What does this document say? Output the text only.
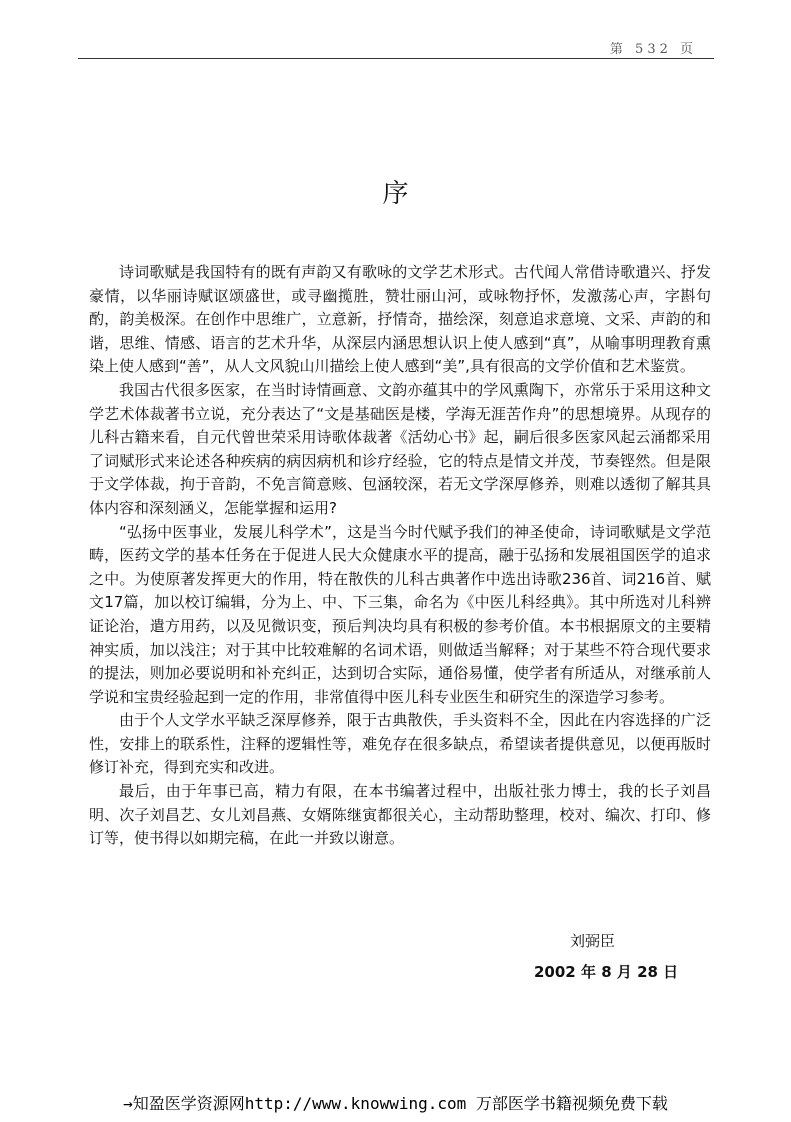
第 532 页
序

诗词歌赋是我国特有的既有声韵又有歌咏的文学艺术形式。古代闻人常借诗歌遣兴、抒发豪情，以华丽诗赋讴颂盛世，或寻幽揽胜，赞壮丽山河，或咏物抒怀，发激荡心声，字斟句酌，韵美极深。在创作中思维广，立意新，抒情奇，描绘深，刻意追求意境、文采、声韵的和谐，思维、情感、语言的艺术升华，从深层内涵思想认识上使人感到“真”，从喻事明理教育熏染上使人感到“善”，从人文风貌山川描绘上使人感到“美”,具有很高的文学价值和艺术鉴赏。

我国古代很多医家，在当时诗情画意、文韵亦蕴其中的学风熏陶下，亦常乐于采用这种文学艺术体裁著书立说，充分表达了“文是基础医是楼，学海无涯苦作舟”的思想境界。从现存的儿科古籍来看，自元代曾世荣采用诗歌体裁著《活幼心书》起，嗣后很多医家风起云涌都采用了词赋形式来论述各种疾病的病因病机和诊疗经验，它的特点是情文并茂，节奏铿然。但是限于文学体裁，拘于音韵，不免言简意赅、包涵较深，若无文学深厚修养，则难以透彻了解其具体内容和深刻涵义，怎能掌握和运用?

“弘扬中医事业，发展儿科学术”，这是当今时代赋予我们的神圣使命，诗词歌赋是文学范畴，医药文学的基本任务在于促进人民大众健康水平的提高，融于弘扬和发展祖国医学的追求之中。为使原著发挥更大的作用，特在散佚的儿科古典著作中选出诗歌236首、词216首、赋文17篇，加以校订编辑，分为上、中、下三集，命名为《中医儿科经典》。其中所选对儿科辨证论治，遣方用药，以及见微识变，预后判决均具有积极的参考价值。本书根据原文的主要精神实质，加以浅注；对于其中比较难解的名词术语，则做适当解释；对于某些不符合现代要求的提法，则加必要说明和补充纠正，达到切合实际，通俗易懂，使学者有所适从，对继承前人学说和宝贵经验起到一定的作用，非常值得中医儿科专业医生和研究生的深造学习参考。

由于个人文学水平缺乏深厚修养，限于古典散佚，手头资料不全，因此在内容选择的广泛性，安排上的联系性，注释的逻辑性等，难免存在很多缺点，希望读者提供意见，以便再版时修订补充，得到充实和改进。

最后，由于年事已高，精力有限，在本书编著过程中，出版社张力博士，我的长子刘昌明、次子刘昌艺、女儿刘昌燕、女婿陈继寅都很关心，主动帮助整理，校对、编次、打印、修订等，使书得以如期完稿，在此一并致以谢意。

刘弼臣
2002 年 8 月 28 日
→知盈医学资源网http://www.knowwing.com 万部医学书籍视频免费下载
